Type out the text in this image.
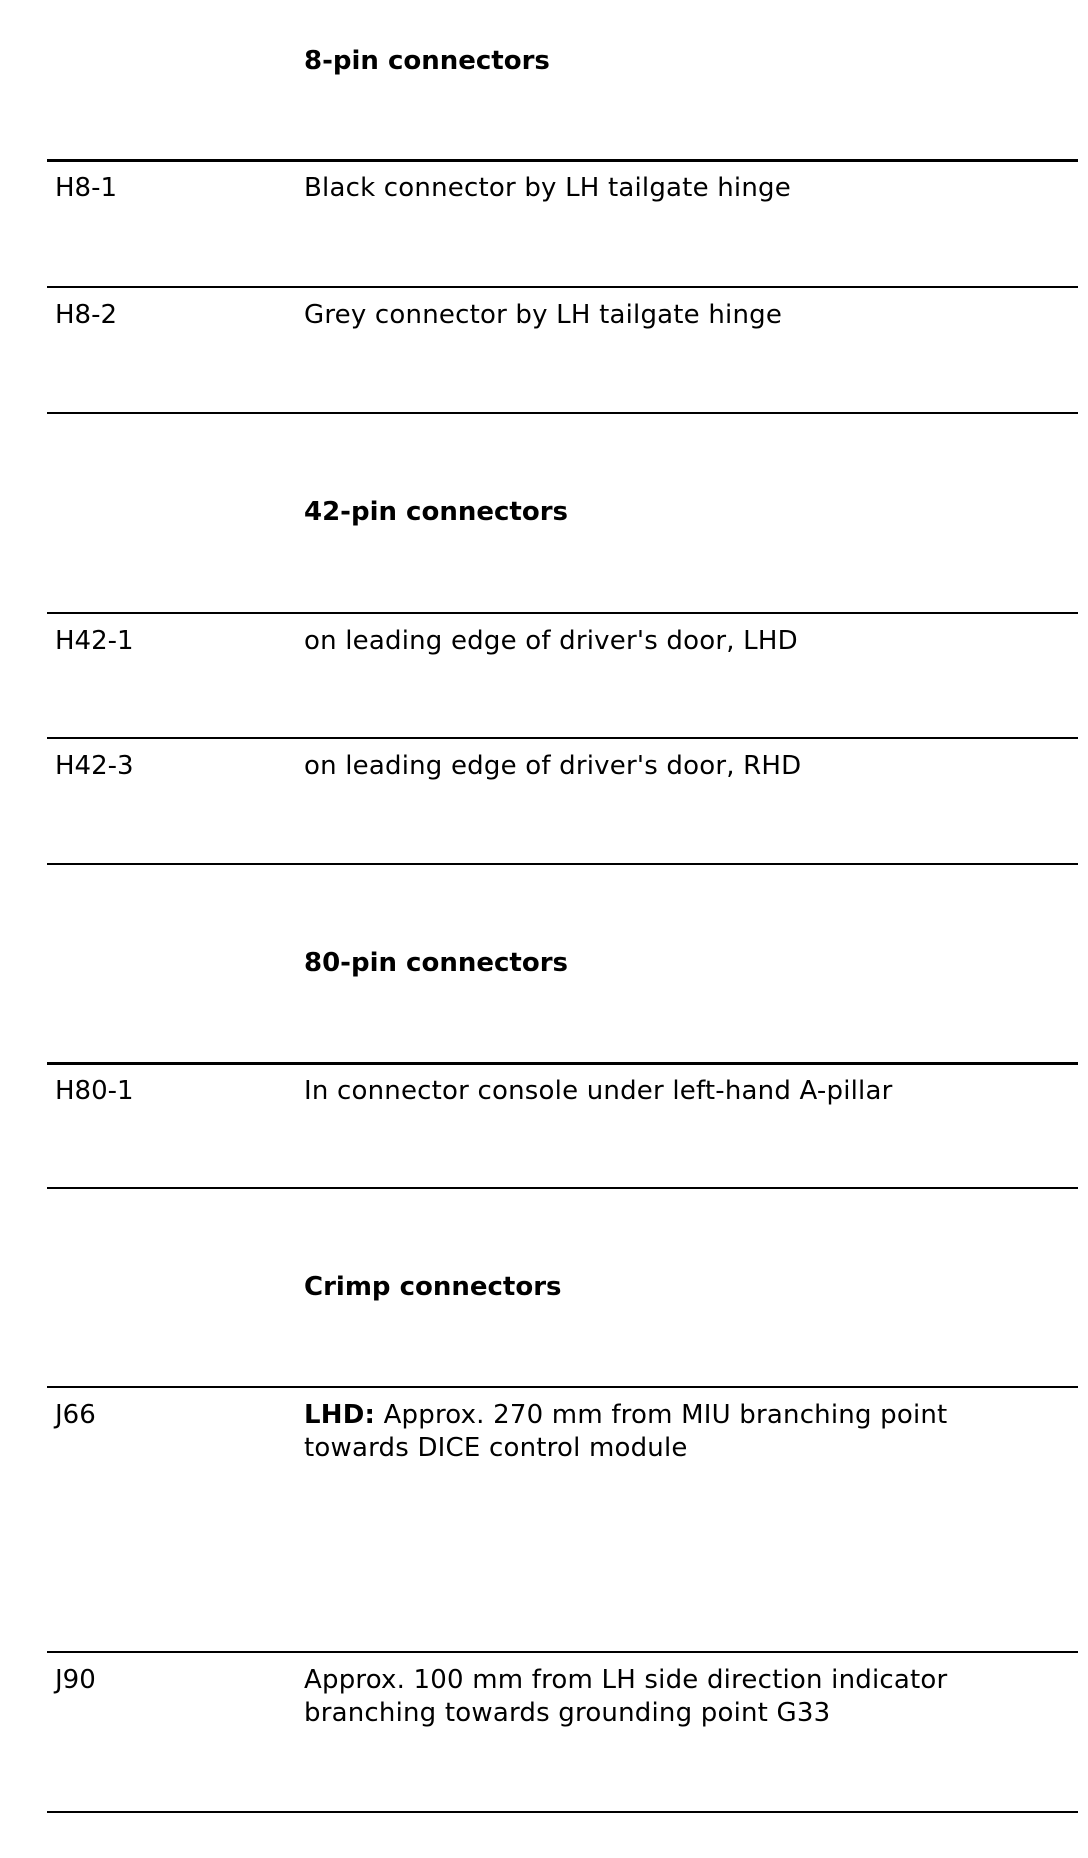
8-pin connectors
H8-1	Black connector by LH tailgate hinge
H8-2	Grey connector by LH tailgate hinge
42-pin connectors
H42-1	on leading edge of driver's door, LHD
H42-3	on leading edge of driver's door, RHD
80-pin connectors
H80-1	In connector console under left-hand A-pillar
Crimp connectors
J66	LHD: Approx. 270 mm from MIU branching point towards DICE control module
J90	Approx. 100 mm from LH side direction indicator branching towards grounding point G33
